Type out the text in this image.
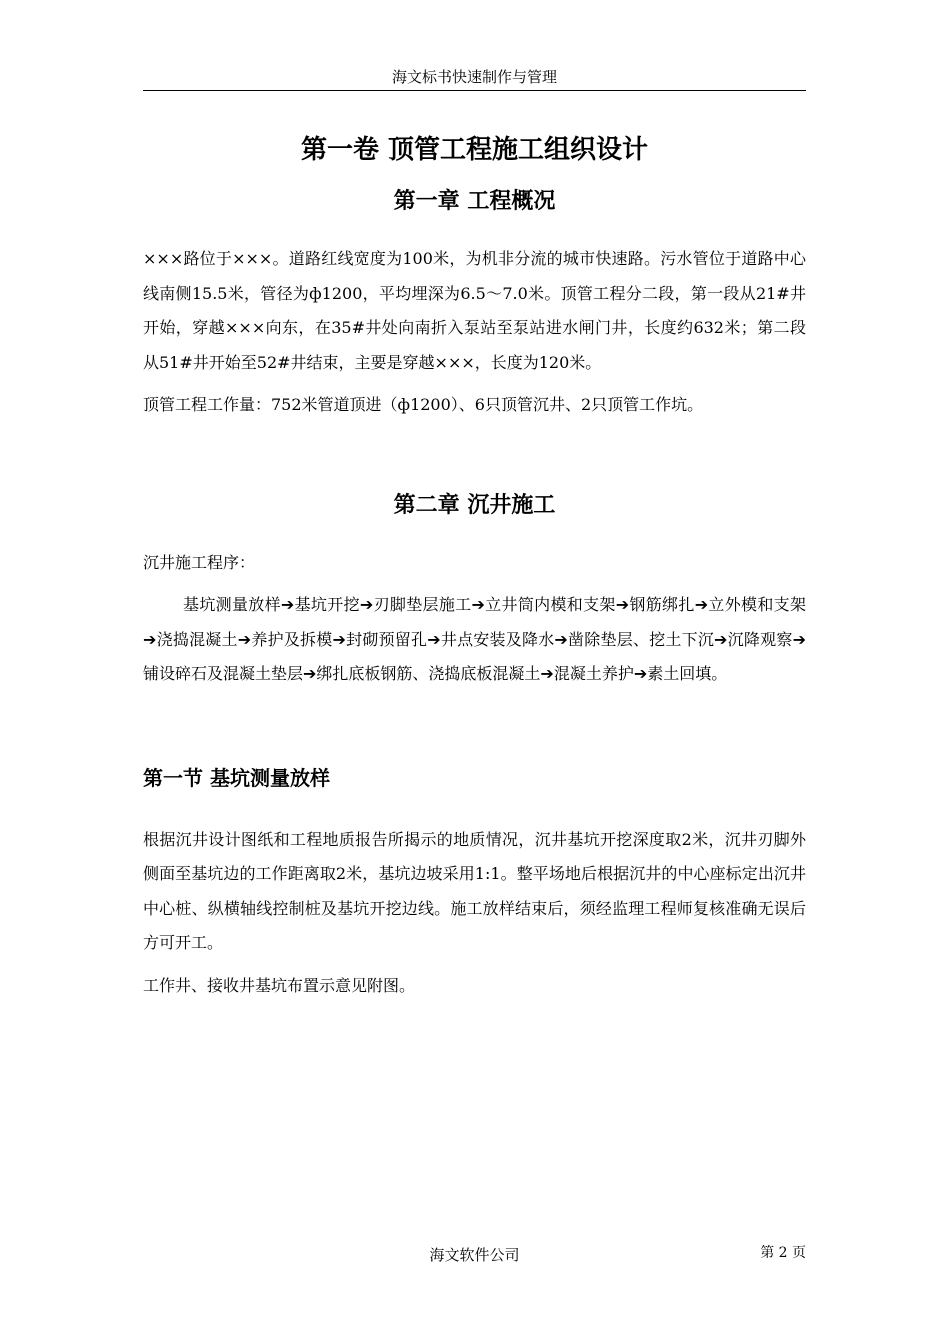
海文标书快速制作与管理
第一卷 顶管工程施工组织设计
第一章 工程概况

×××路位于×××。道路红线宽度为100米，为机非分流的城市快速路。污水管位于道路中心线南侧15.5米，管径为ф1200，平均埋深为6.5～7.0米。顶管工程分二段，第一段从21#井开始，穿越×××向东，在35#井处向南折入泵站至泵站进水闸门井，长度约632米；第二段从51#井开始至52#井结束，主要是穿越×××，长度为120米。

顶管工程工作量：752米管道顶进（ф1200）、6只顶管沉井、2只顶管工作坑。

第二章 沉井施工

沉井施工程序：

基坑测量放样➔基坑开挖➔刃脚垫层施工➔立井筒内模和支架➔钢筋绑扎➔立外模和支架➔浇捣混凝土➔养护及拆模➔封砌预留孔➔井点安装及降水➔凿除垫层、挖土下沉➔沉降观察➔铺设碎石及混凝土垫层➔绑扎底板钢筋、浇捣底板混凝土➔混凝土养护➔素土回填。

第一节 基坑测量放样

根据沉井设计图纸和工程地质报告所揭示的地质情况，沉井基坑开挖深度取2米，沉井刃脚外侧面至基坑边的工作距离取2米，基坑边坡采用1:1。整平场地后根据沉井的中心座标定出沉井中心桩、纵横轴线控制桩及基坑开挖边线。施工放样结束后，须经监理工程师复核准确无误后方可开工。

工作井、接收井基坑布置示意见附图。

海文软件公司	第 2 页
